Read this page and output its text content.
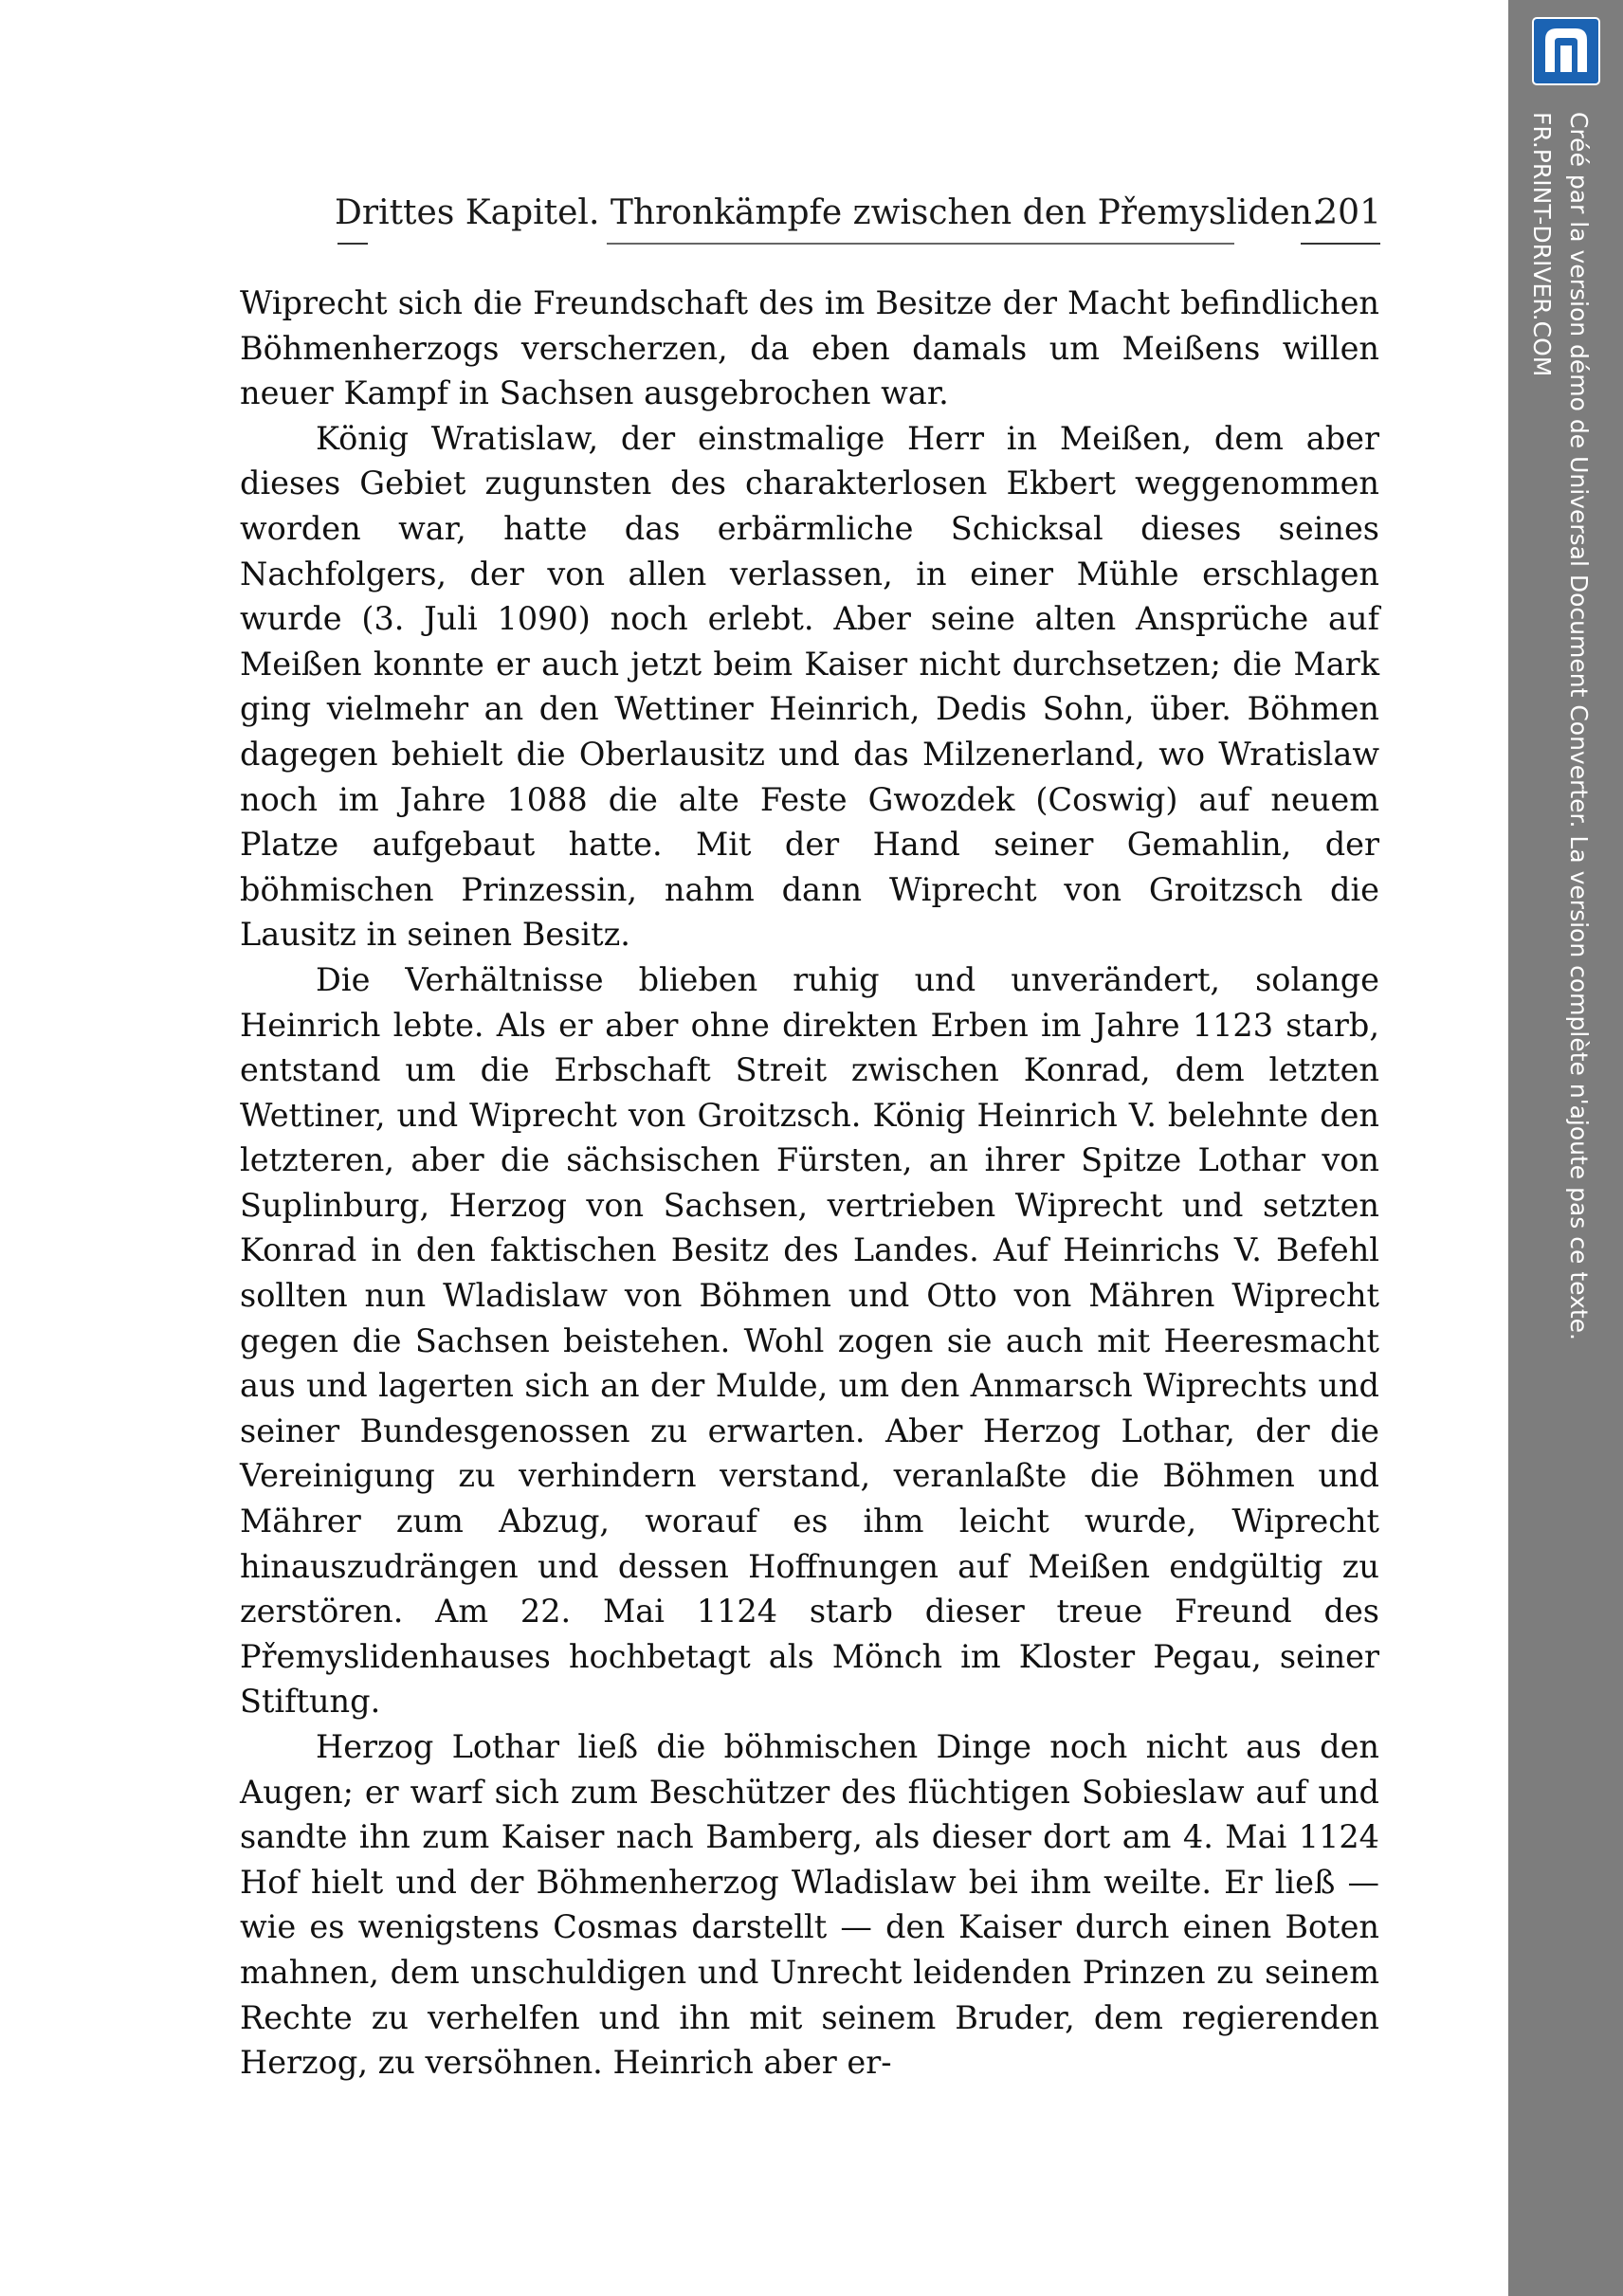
Drittes Kapitel. Thronkämpfe zwischen den Přemysliden.
201

Wiprecht sich die Freundschaft des im Besitze der Macht befindlichen Böhmenherzogs verscherzen, da eben damals um Meißens willen neuer Kampf in Sachsen ausgebrochen war.

König Wratislaw, der einstmalige Herr in Meißen, dem aber dieses Gebiet zugunsten des charakterlosen Ekbert weggenommen worden war, hatte das erbärmliche Schicksal dieses seines Nachfolgers, der von allen verlassen, in einer Mühle erschlagen wurde (3. Juli 1090) noch erlebt. Aber seine alten Ansprüche auf Meißen konnte er auch jetzt beim Kaiser nicht durchsetzen; die Mark ging vielmehr an den Wettiner Heinrich, Dedis Sohn, über. Böhmen dagegen behielt die Oberlausitz und das Milzenerland, wo Wratislaw noch im Jahre 1088 die alte Feste Gwozdek (Coswig) auf neuem Platze aufgebaut hatte. Mit der Hand seiner Gemahlin, der böhmischen Prinzessin, nahm dann Wiprecht von Groitzsch die Lausitz in seinen Besitz.

Die Verhältnisse blieben ruhig und unverändert, solange Heinrich lebte. Als er aber ohne direkten Erben im Jahre 1123 starb, entstand um die Erbschaft Streit zwischen Konrad, dem letzten Wettiner, und Wiprecht von Groitzsch. König Heinrich V. belehnte den letzteren, aber die sächsischen Fürsten, an ihrer Spitze Lothar von Suplinburg, Herzog von Sachsen, vertrieben Wiprecht und setzten Konrad in den faktischen Besitz des Landes. Auf Heinrichs V. Befehl sollten nun Wladislaw von Böhmen und Otto von Mähren Wiprecht gegen die Sachsen beistehen. Wohl zogen sie auch mit Heeresmacht aus und lagerten sich an der Mulde, um den Anmarsch Wiprechts und seiner Bundesgenossen zu erwarten. Aber Herzog Lothar, der die Vereinigung zu verhindern verstand, veranlaßte die Böhmen und Mährer zum Abzug, worauf es ihm leicht wurde, Wiprecht hinauszudrängen und dessen Hoffnungen auf Meißen endgültig zu zerstören. Am 22. Mai 1124 starb dieser treue Freund des Přemyslidenhauses hochbetagt als Mönch im Kloster Pegau, seiner Stiftung.

Herzog Lothar ließ die böhmischen Dinge noch nicht aus den Augen; er warf sich zum Beschützer des flüchtigen Sobieslaw auf und sandte ihn zum Kaiser nach Bamberg, als dieser dort am 4. Mai 1124 Hof hielt und der Böhmenherzog Wladislaw bei ihm weilte. Er ließ — wie es wenigstens Cosmas darstellt — den Kaiser durch einen Boten mahnen, dem unschuldigen und Unrecht leidenden Prinzen zu seinem Rechte zu verhelfen und ihn mit seinem Bruder, dem regierenden Herzog, zu versöhnen. Heinrich aber er-

Créé par la version démo de Universal Document Converter. La version complète n'ajoute pas ce texte.
FR.PRINT-DRIVER.COM
